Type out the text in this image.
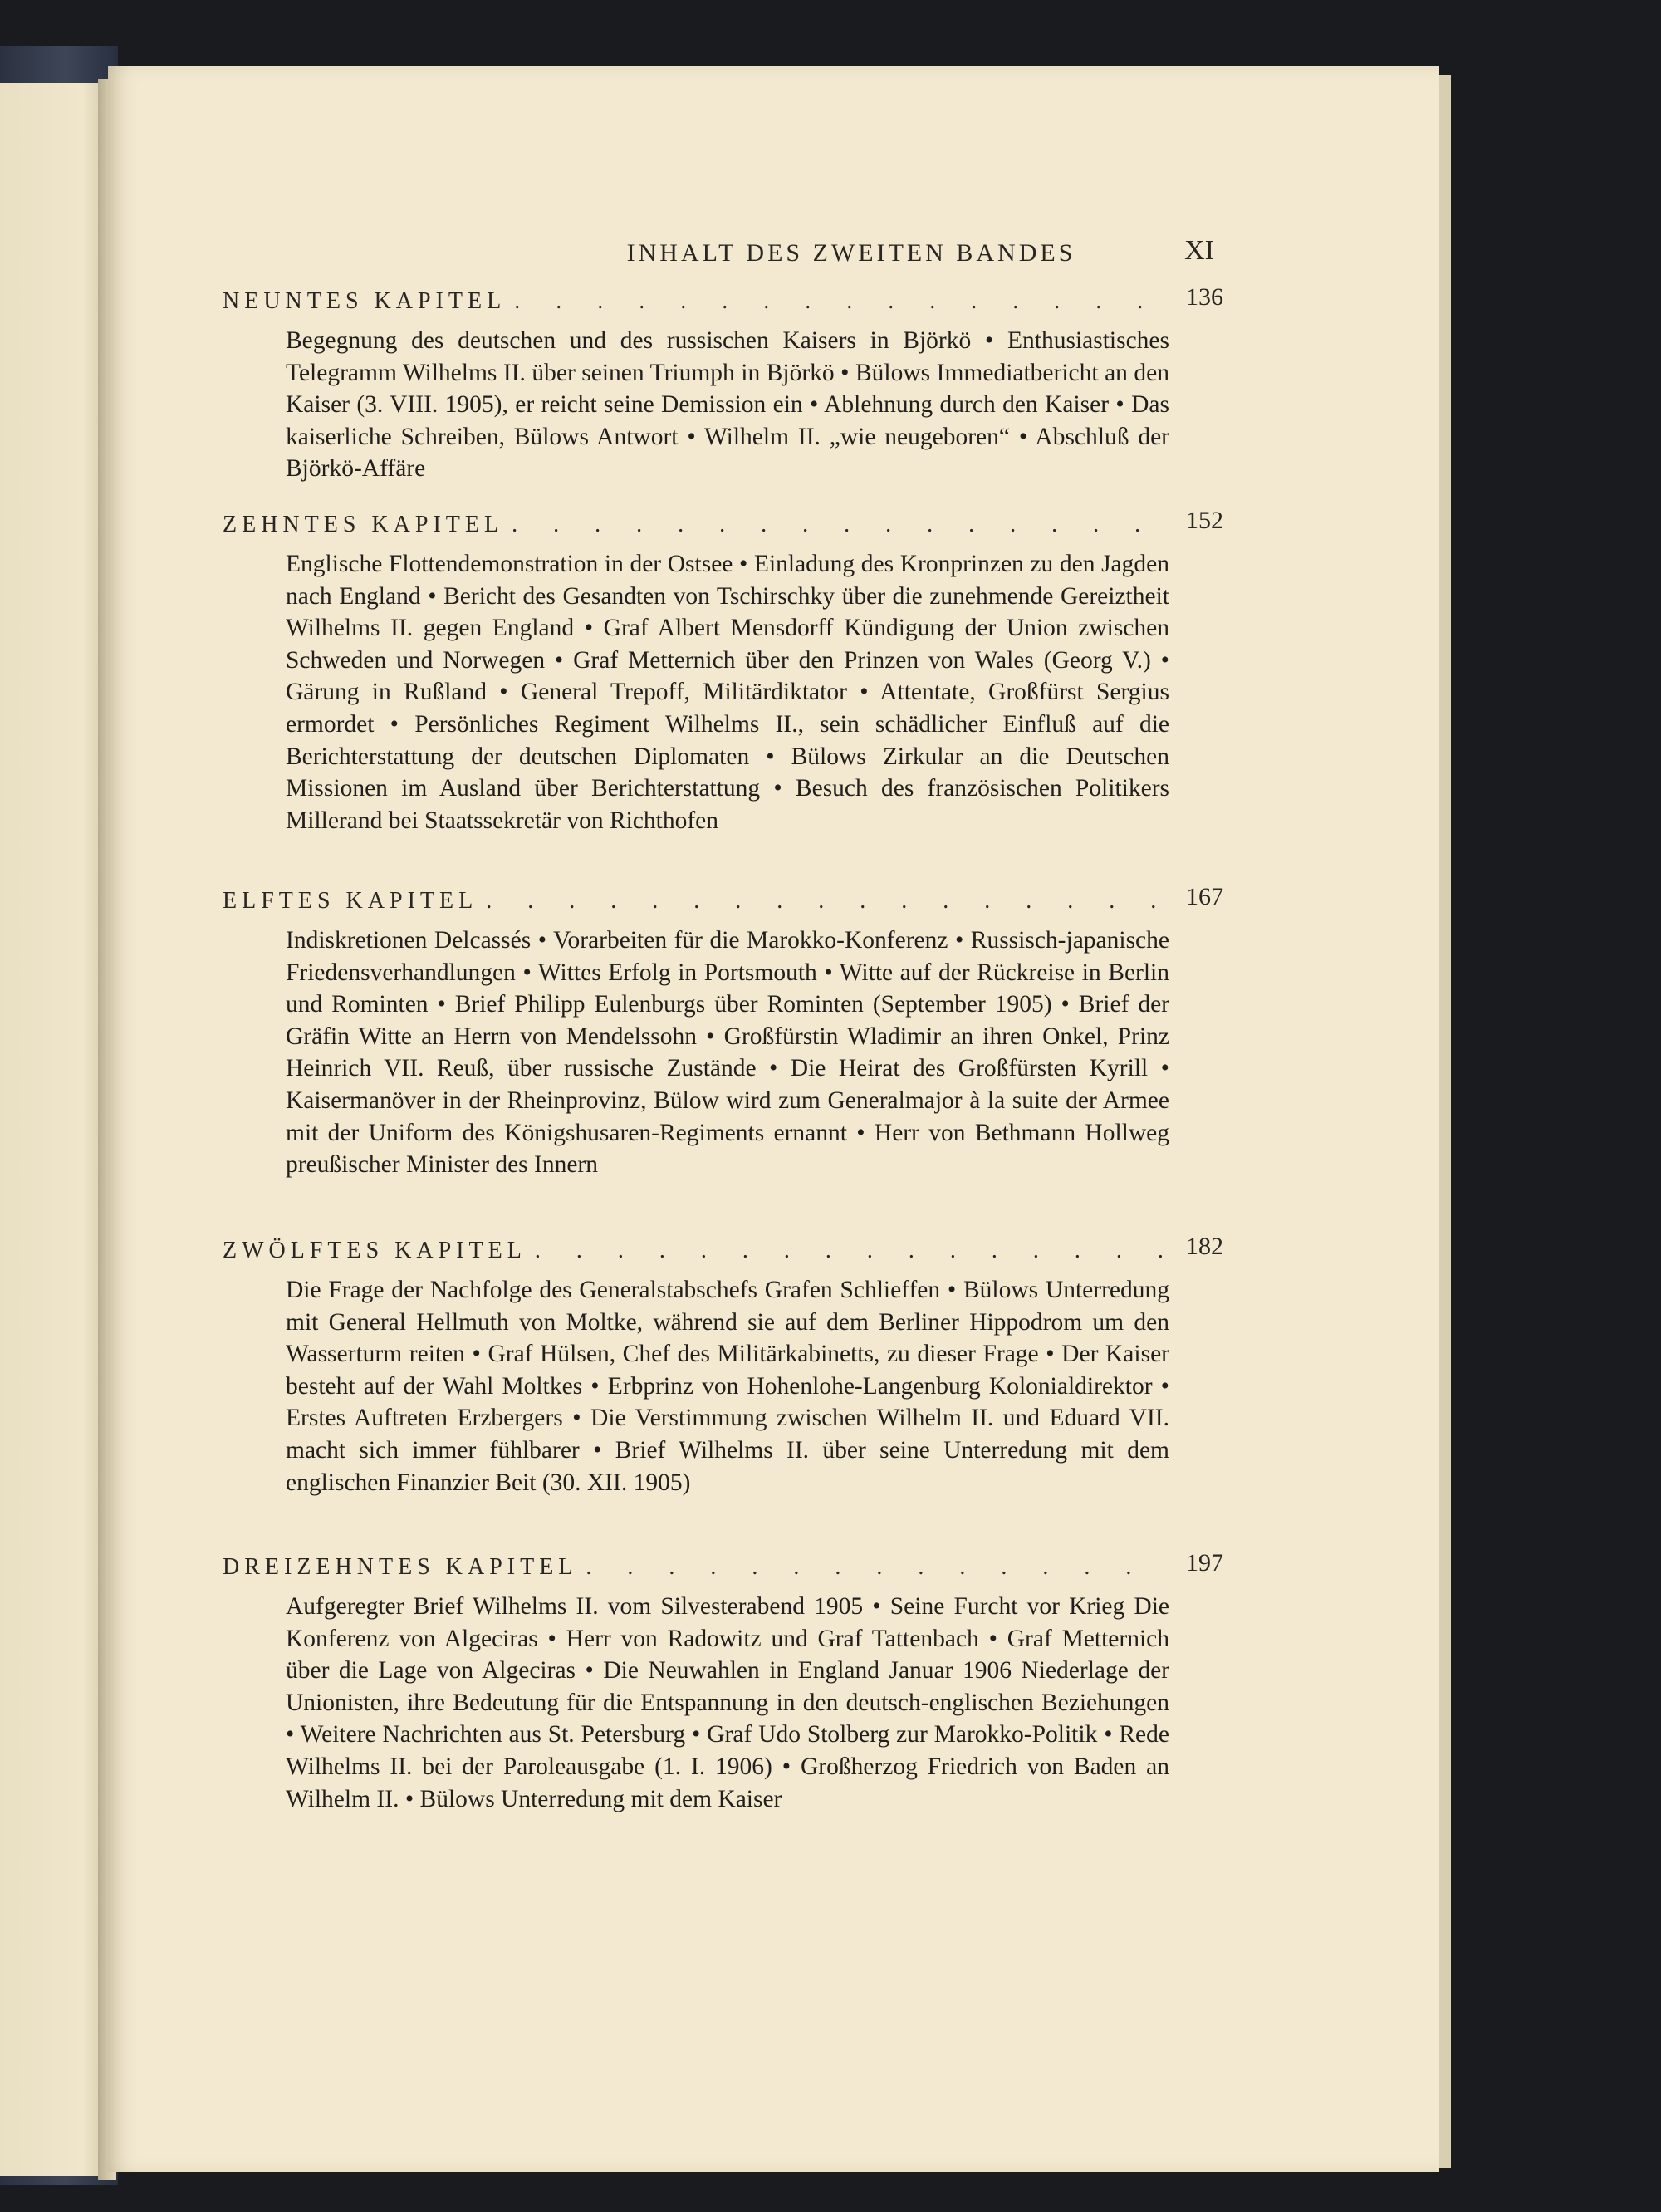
INHALT DES ZWEITEN BANDES	XI
NEUNTES KAPITEL . . .	136
Begegnung des deutschen und des russischen Kaisers in Björkö • Enthusiastisches Telegramm Wilhelms II. über seinen Triumph in Björkö • Bülows Immediatbericht an den Kaiser (3. VIII. 1905), er reicht seine Demission ein • Ablehnung durch den Kaiser • Das kaiserliche Schreiben, Bülows Antwort • Wilhelm II. „wie neugeboren“ • Abschluß der Björkö-Affäre
ZEHNTES KAPITEL . . .	152
Englische Flottendemonstration in der Ostsee • Einladung des Kronprinzen zu den Jagden nach England • Bericht des Gesandten von Tschirschky über die zunehmende Gereiztheit Wilhelms II. gegen England • Graf Albert Mensdorff Kündigung der Union zwischen Schweden und Norwegen • Graf Metternich über den Prinzen von Wales (Georg V.) • Gärung in Rußland • General Trepoff, Militärdiktator • Attentate, Großfürst Sergius ermordet • Persönliches Regiment Wilhelms II., sein schädlicher Einfluß auf die Berichterstattung der deutschen Diplomaten • Bülows Zirkular an die Deutschen Missionen im Ausland über Berichterstattung • Besuch des französischen Politikers Millerand bei Staatssekretär von Richthofen
ELFTES KAPITEL . . .	167
Indiskretionen Delcassés • Vorarbeiten für die Marokko-Konferenz • Russisch-japanische Friedensverhandlungen • Wittes Erfolg in Portsmouth • Witte auf der Rückreise in Berlin und Rominten • Brief Philipp Eulenburgs über Rominten (September 1905) • Brief der Gräfin Witte an Herrn von Mendelssohn • Großfürstin Wladimir an ihren Onkel, Prinz Heinrich VII. Reuß, über russische Zustände • Die Heirat des Großfürsten Kyrill • Kaisermanöver in der Rheinprovinz, Bülow wird zum Generalmajor à la suite der Armee mit der Uniform des Königshusaren-Regiments ernannt • Herr von Bethmann Hollweg preußischer Minister des Innern
ZWÖLFTES KAPITEL . . .	182
Die Frage der Nachfolge des Generalstabschefs Grafen Schlieffen • Bülows Unterredung mit General Hellmuth von Moltke, während sie auf dem Berliner Hippodrom um den Wasserturm reiten • Graf Hülsen, Chef des Militärkabinetts, zu dieser Frage • Der Kaiser besteht auf der Wahl Moltkes • Erbprinz von Hohenlohe-Langenburg Kolonialdirektor • Erstes Auftreten Erzbergers • Die Verstimmung zwischen Wilhelm II. und Eduard VII. macht sich immer fühlbarer • Brief Wilhelms II. über seine Unterredung mit dem englischen Finanzier Beit (30. XII. 1905)
DREIZEHNTES KAPITEL . . .	197
Aufgeregter Brief Wilhelms II. vom Silvesterabend 1905 • Seine Furcht vor Krieg Die Konferenz von Algeciras • Herr von Radowitz und Graf Tattenbach • Graf Metternich über die Lage von Algeciras • Die Neuwahlen in England Januar 1906 Niederlage der Unionisten, ihre Bedeutung für die Entspannung in den deutsch-englischen Beziehungen • Weitere Nachrichten aus St. Petersburg • Graf Udo Stolberg zur Marokko-Politik • Rede Wilhelms II. bei der Paroleausgabe (1. I. 1906) • Großherzog Friedrich von Baden an Wilhelm II. • Bülows Unterredung mit dem Kaiser
